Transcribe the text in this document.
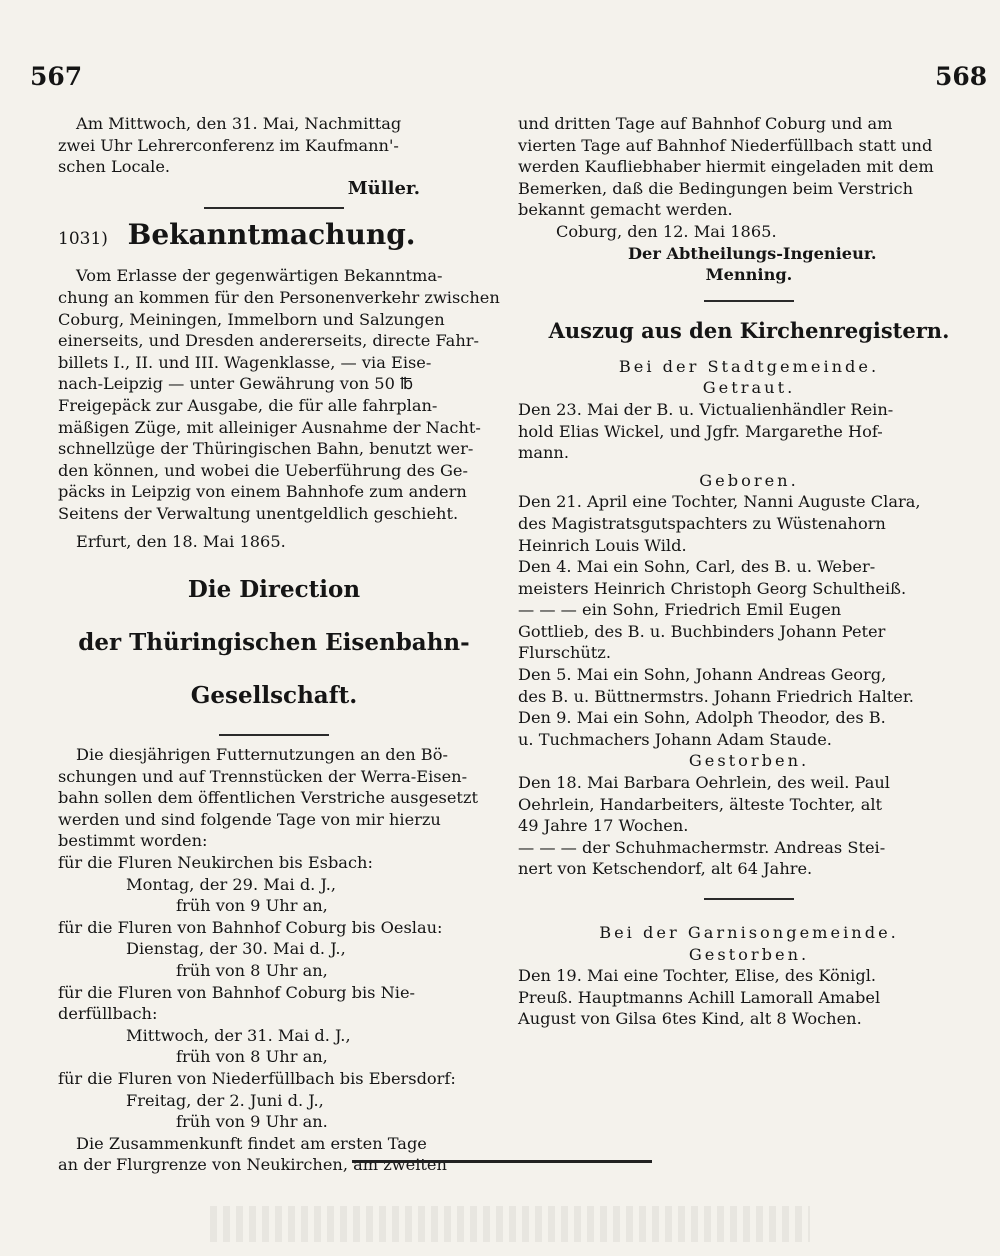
567	568

Am Mittwoch, den 31. Mai, Nachmittag

zwei Uhr Lehrerconferenz im Kaufmann'-

schen Locale.

Müller.

1031) Bekanntmachung.

Vom Erlasse der gegenwärtigen Bekanntma-

chung an kommen für den Personenverkehr zwischen

Coburg, Meiningen, Immelborn und Salzungen

einerseits, und Dresden andererseits, directe Fahr-

billets I., II. und III. Wagenklasse, — via Eise-

nach-Leipzig — unter Gewährung von 50 ℔

Freigepäck zur Ausgabe, die für alle fahrplan-

mäßigen Züge, mit alleiniger Ausnahme der Nacht-

schnellzüge der Thüringischen Bahn, benutzt wer-

den können, und wobei die Ueberführung des Ge-

päcks in Leipzig von einem Bahnhofe zum andern

Seitens der Verwaltung unentgeldlich geschieht.

Erfurt, den 18. Mai 1865.

Die Direction

der Thüringischen Eisenbahn-

Gesellschaft.

Die diesjährigen Futternutzungen an den Bö-

schungen und auf Trennstücken der Werra-Eisen-

bahn sollen dem öffentlichen Verstriche ausgesetzt

werden und sind folgende Tage von mir hierzu

bestimmt worden:

für die Fluren Neukirchen bis Esbach:

Montag, der 29. Mai d. J.,

früh von 9 Uhr an,

für die Fluren von Bahnhof Coburg bis Oeslau:

Dienstag, der 30. Mai d. J.,

früh von 8 Uhr an,

für die Fluren von Bahnhof Coburg bis Nie-

derfüllbach:

Mittwoch, der 31. Mai d. J.,

früh von 8 Uhr an,

für die Fluren von Niederfüllbach bis Ebersdorf:

Freitag, der 2. Juni d. J.,

früh von 9 Uhr an.

Die Zusammenkunft findet am ersten Tage

an der Flurgrenze von Neukirchen, am zweiten

und dritten Tage auf Bahnhof Coburg und am

vierten Tage auf Bahnhof Niederfüllbach statt und

werden Kaufliebhaber hiermit eingeladen mit dem

Bemerken, daß die Bedingungen beim Verstrich

bekannt gemacht werden.

Coburg, den 12. Mai 1865.

Der Abtheilungs-Ingenieur.

Menning.

Auszug aus den Kirchenregistern.

Bei der Stadtgemeinde.

Getraut.

Den 23. Mai der B. u. Victualienhändler Rein-

hold Elias Wickel, und Jgfr. Margarethe Hof-

mann.

Geboren.

Den 21. April eine Tochter, Nanni Auguste Clara,

des Magistratsgutspachters zu Wüstenahorn

Heinrich Louis Wild.

Den 4. Mai ein Sohn, Carl, des B. u. Weber-

meisters Heinrich Christoph Georg Schultheiß.

— — — ein Sohn, Friedrich Emil Eugen

Gottlieb, des B. u. Buchbinders Johann Peter

Flurschütz.

Den 5. Mai ein Sohn, Johann Andreas Georg,

des B. u. Büttnermstrs. Johann Friedrich Halter.

Den 9. Mai ein Sohn, Adolph Theodor, des B.

u. Tuchmachers Johann Adam Staude.

Gestorben.

Den 18. Mai Barbara Oehrlein, des weil. Paul

Oehrlein, Handarbeiters, älteste Tochter, alt

49 Jahre 17 Wochen.

— — — der Schuhmachermstr. Andreas Stei-

nert von Ketschendorf, alt 64 Jahre.

Bei der Garnisongemeinde.

Gestorben.

Den 19. Mai eine Tochter, Elise, des Königl.

Preuß. Hauptmanns Achill Lamorall Amabel

August von Gilsa 6tes Kind, alt 8 Wochen.
